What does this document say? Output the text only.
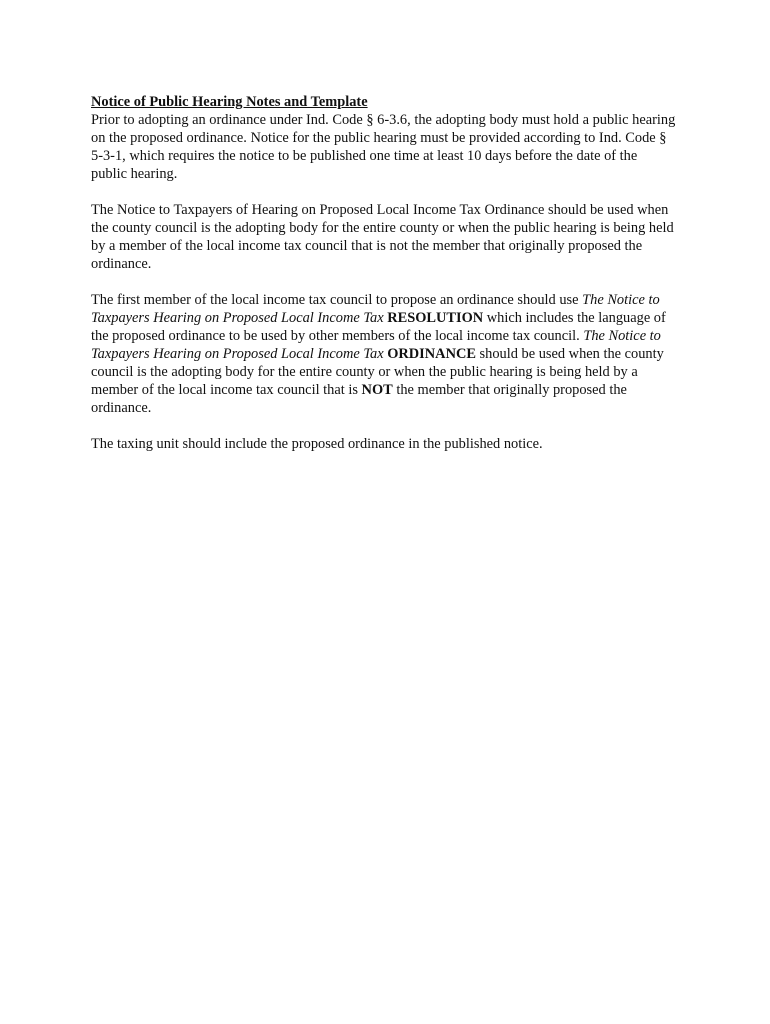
Notice of Public Hearing Notes and Template

Prior to adopting an ordinance under Ind. Code § 6-3.6, the adopting body must hold a public hearing on the proposed ordinance. Notice for the public hearing must be provided according to Ind. Code § 5-3-1, which requires the notice to be published one time at least 10 days before the date of the public hearing.

The Notice to Taxpayers of Hearing on Proposed Local Income Tax Ordinance should be used when the county council is the adopting body for the entire county or when the public hearing is being held by a member of the local income tax council that is not the member that originally proposed the ordinance.

The first member of the local income tax council to propose an ordinance should use The Notice to Taxpayers Hearing on Proposed Local Income Tax RESOLUTION which includes the language of the proposed ordinance to be used by other members of the local income tax council. The Notice to Taxpayers Hearing on Proposed Local Income Tax ORDINANCE should be used when the county council is the adopting body for the entire county or when the public hearing is being held by a member of the local income tax council that is NOT the member that originally proposed the ordinance.

The taxing unit should include the proposed ordinance in the published notice.
